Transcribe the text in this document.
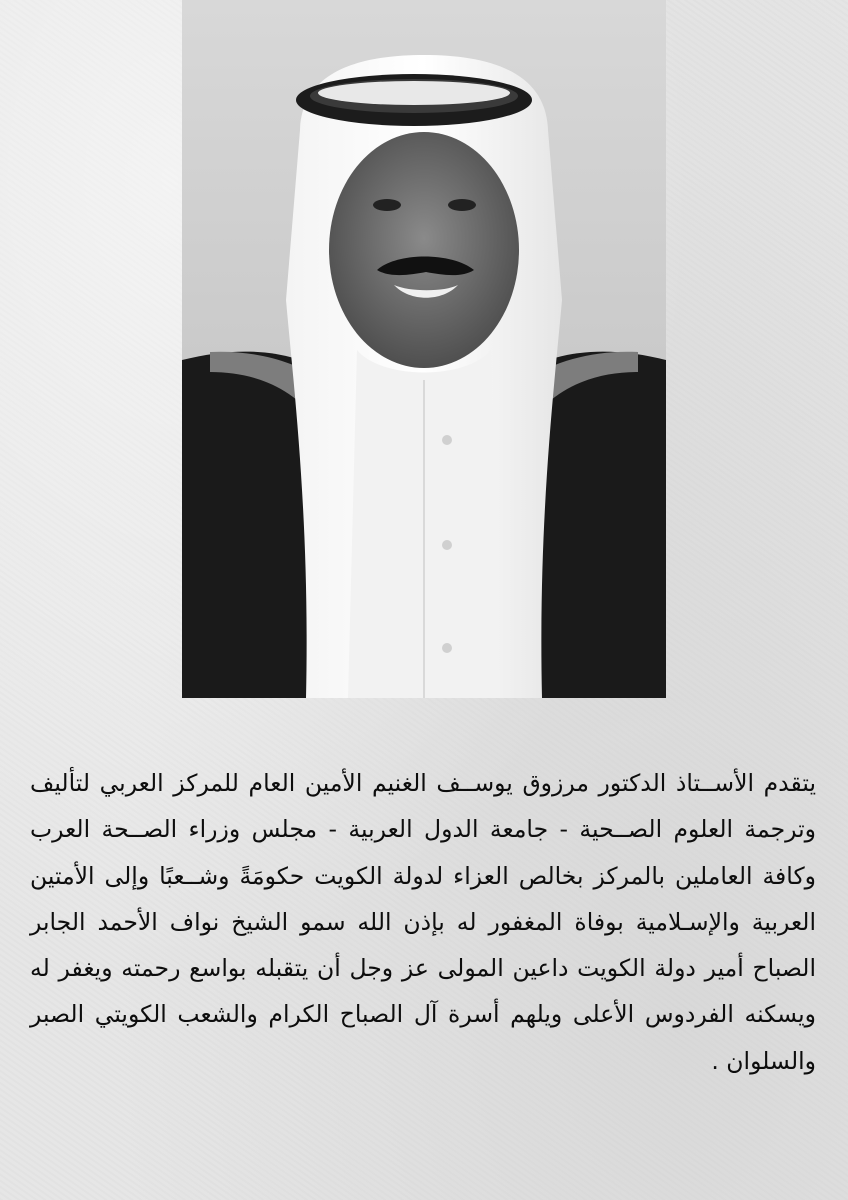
يتقدم الأســتاذ الدكتور مرزوق يوســف الغنيم الأمين العام للمركز العربي لتأليف وترجمة العلوم الصــحية - جامعة الدول العربية - مجلس وزراء الصــحة العرب وكافة العاملين بالمركز بخالص العزاء لدولة الكويت حكومَةً وشــعبًا وإلى الأمتين العربية والإسـلامية بوفاة المغفور له بإذن الله سمو الشيخ نواف الأحمد الجابر الصباح أمير دولة الكويت داعين المولى عز وجل أن يتقبله بواسع رحمته ويغفر له ويسكنه الفردوس الأعلى ويلهم أسرة آل الصباح الكرام والشعب الكويتي الصبر والسلوان .
